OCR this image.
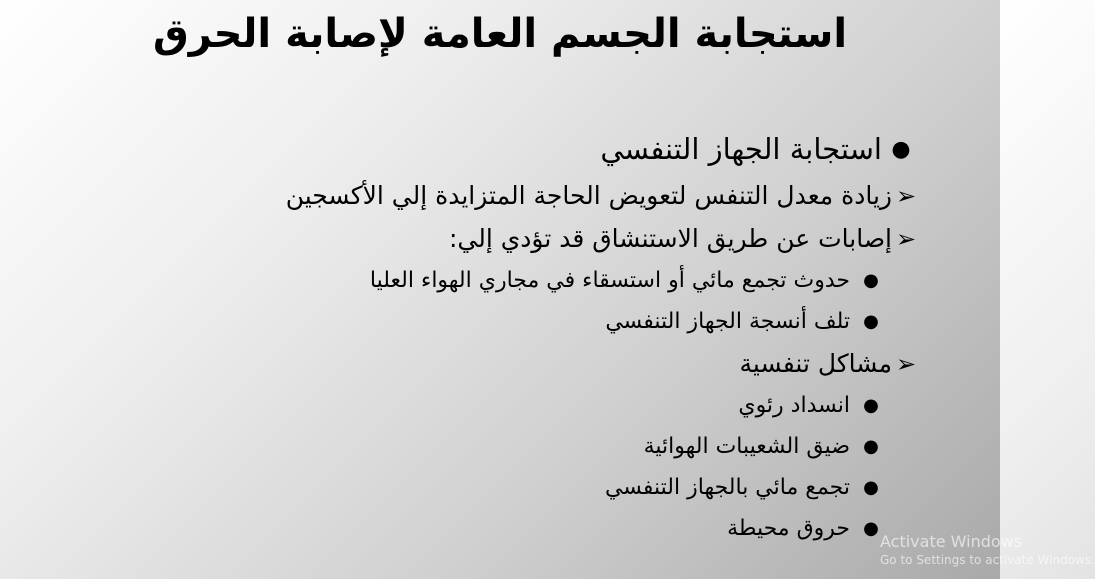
استجابة الجسم العامة لإصابة الحرق
●
استجابة الجهاز التنفسي
➢
زيادة معدل التنفس لتعويض الحاجة المتزايدة إلي الأكسجين
➢
إصابات عن طريق الاستنشاق قد تؤدي إلي:
●
حدوث تجمع مائي أو استسقاء في مجاري الهواء العليا
●
تلف أنسجة الجهاز التنفسي
➢
مشاكل تنفسية
●
انسداد رئوي
●
ضيق الشعيبات الهوائية
●
تجمع مائي بالجهاز التنفسي
●
حروق محيطة
Activate Windows
Go to Settings to activate Windows.
